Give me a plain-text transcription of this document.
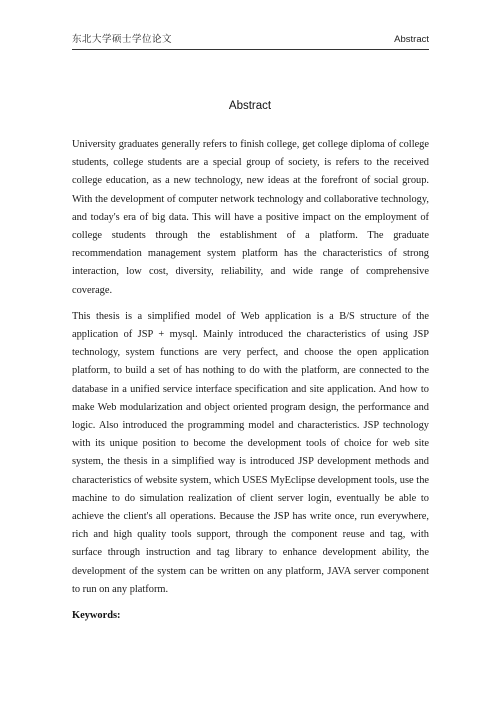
东北大学硕士学位论文	Abstract
Abstract

University graduates generally refers to finish college, get college diploma of college students, college students are a special group of society, is refers to the received college education, as a new technology, new ideas at the forefront of social group. With the development of computer network technology and collaborative technology, and today's era of big data. This will have a positive impact on the employment of college students through the establishment of a platform. The graduate recommendation management system platform has the characteristics of strong interaction, low cost, diversity, reliability, and wide range of comprehensive coverage.

This thesis is a simplified model of Web application is a B/S structure of the application of JSP + mysql. Mainly introduced the characteristics of using JSP technology, system functions are very perfect, and choose the open application platform, to build a set of has nothing to do with the platform, are connected to the database in a unified service interface specification and site application. And how to make Web modularization and object oriented program design, the performance and logic. Also introduced the programming model and characteristics. JSP technology with its unique position to become the development tools of choice for web site system, the thesis in a simplified way is introduced JSP development methods and characteristics of website system, which USES MyEclipse development tools, use the machine to do simulation realization of client server login, eventually be able to achieve the client's all operations. Because the JSP has write once, run everywhere, rich and high quality tools support, through the component reuse and tag, with surface through instruction and tag library to enhance development ability, the development of the system can be written on any platform, JAVA server component to run on any platform.

Keywords:
